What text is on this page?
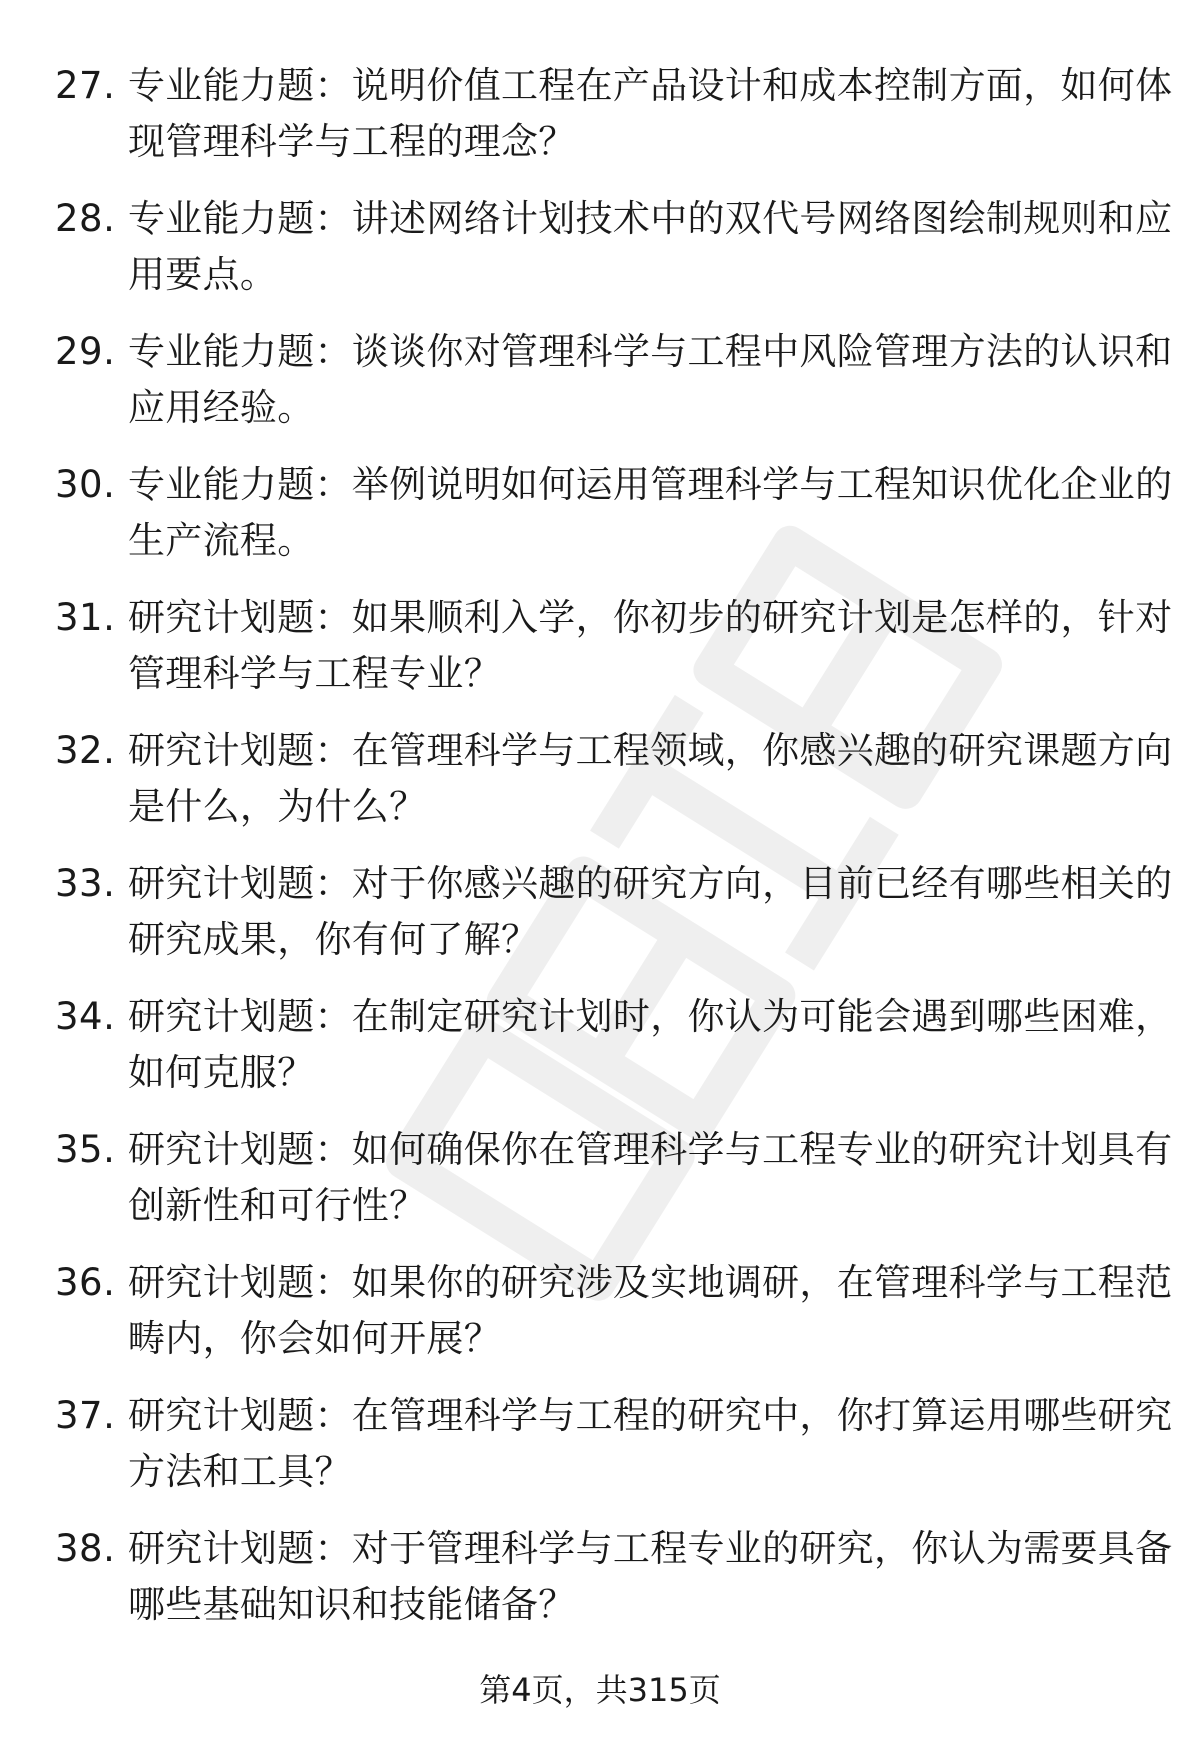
27. 专业能力题：说明价值工程在产品设计和成本控制方面，如何体现管理科学与工程的理念？
28. 专业能力题：讲述网络计划技术中的双代号网络图绘制规则和应用要点。
29. 专业能力题：谈谈你对管理科学与工程中风险管理方法的认识和应用经验。
30. 专业能力题：举例说明如何运用管理科学与工程知识优化企业的生产流程。
31. 研究计划题：如果顺利入学，你初步的研究计划是怎样的，针对管理科学与工程专业？
32. 研究计划题：在管理科学与工程领域，你感兴趣的研究课题方向是什么，为什么？
33. 研究计划题：对于你感兴趣的研究方向，目前已经有哪些相关的研究成果，你有何了解？
34. 研究计划题：在制定研究计划时，你认为可能会遇到哪些困难，如何克服？
35. 研究计划题：如何确保你在管理科学与工程专业的研究计划具有创新性和可行性？
36. 研究计划题：如果你的研究涉及实地调研，在管理科学与工程范畴内，你会如何开展？
37. 研究计划题：在管理科学与工程的研究中，你打算运用哪些研究方法和工具？
38. 研究计划题：对于管理科学与工程专业的研究，你认为需要具备哪些基础知识和技能储备？
第4页，共315页
